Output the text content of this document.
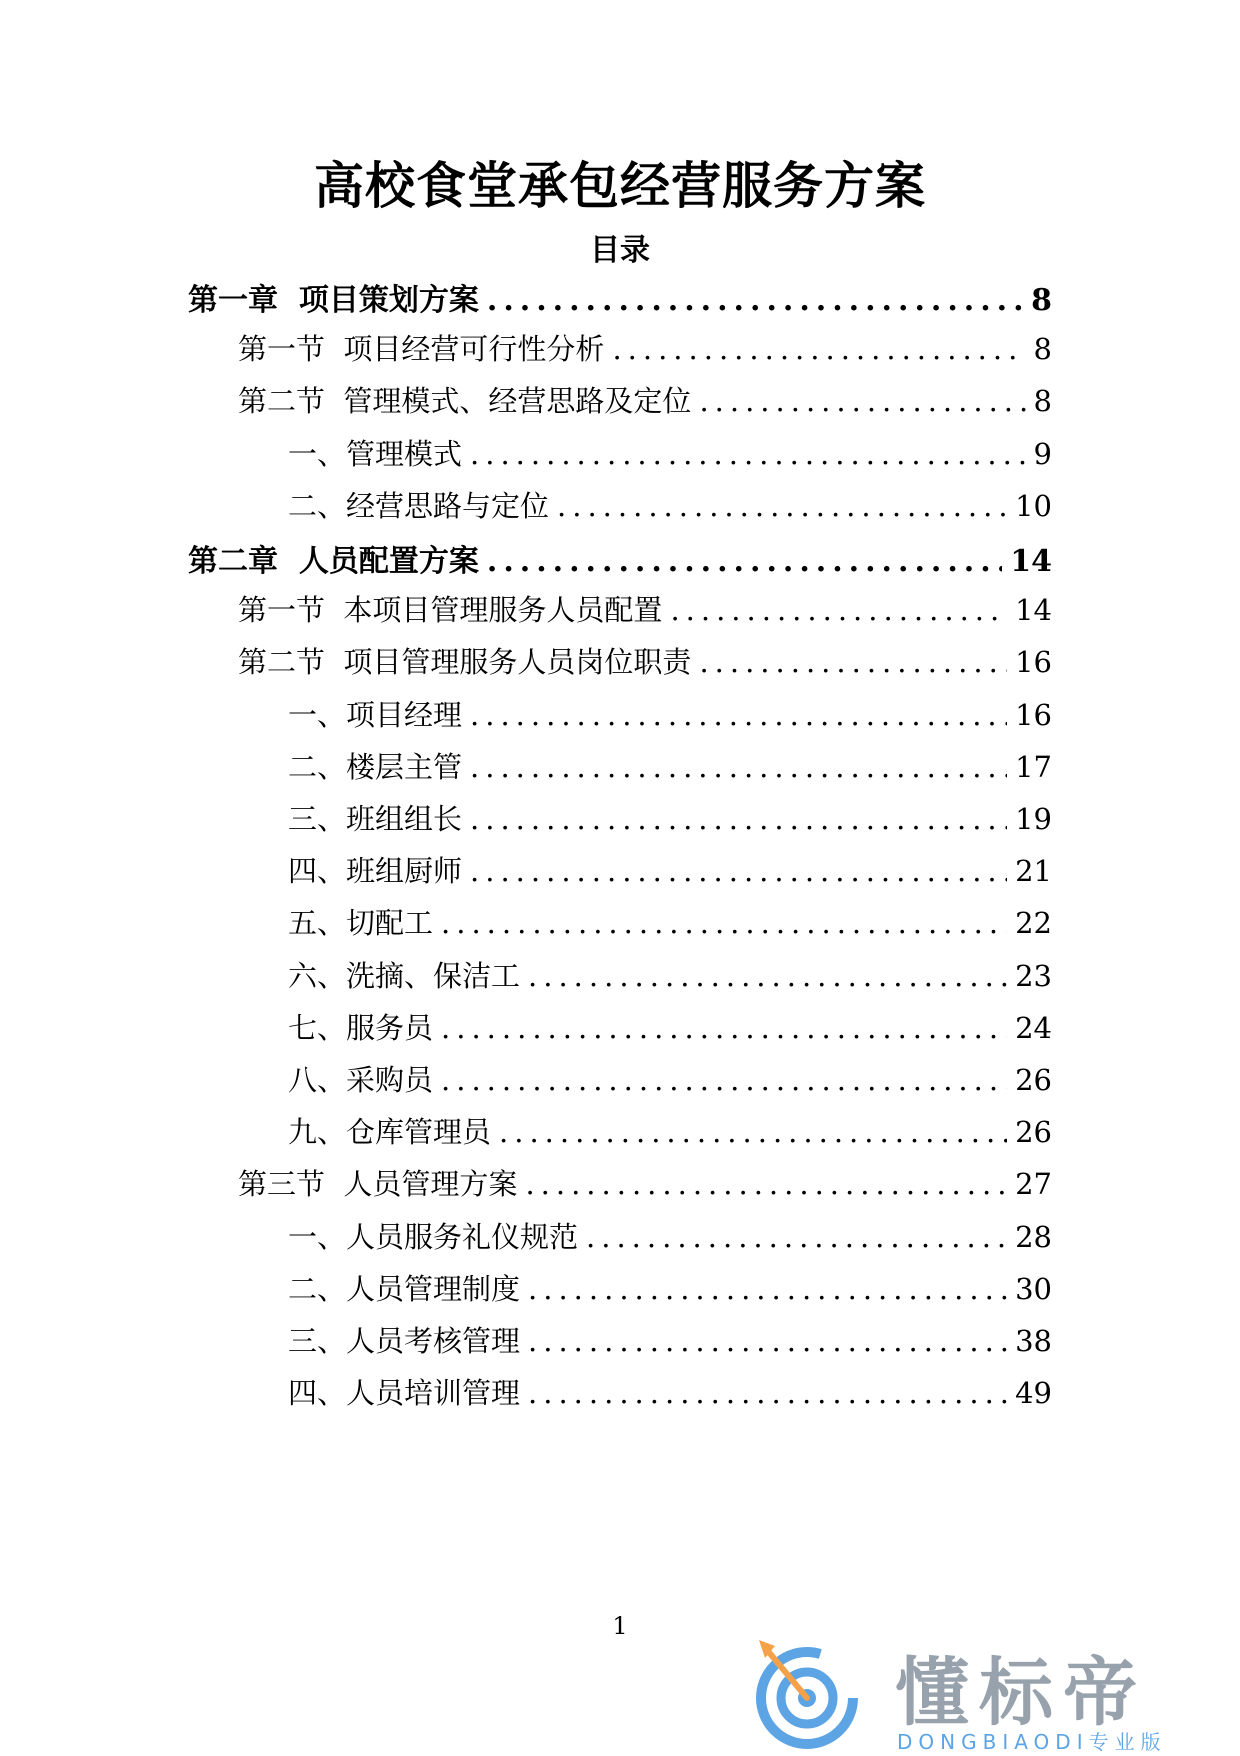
高校食堂承包经营服务方案
目录
第一章  项目策划方案 .....	8
第一节  项目经营可行性分析 .....	8
第二节  管理模式、经营思路及定位 .....	8
一、管理模式 .....	9
二、经营思路与定位 .....	10
第二章  人员配置方案 .....	14
第一节  本项目管理服务人员配置 .....	14
第二节  项目管理服务人员岗位职责 .....	16
一、项目经理 .....	16
二、楼层主管 .....	17
三、班组组长 .....	19
四、班组厨师 .....	21
五、切配工 .....	22
六、洗摘、保洁工 .....	23
七、服务员 .....	24
八、采购员 .....	26
九、仓库管理员 .....	26
第三节  人员管理方案 .....	27
一、人员服务礼仪规范 .....	28
二、人员管理制度 .....	30
三、人员考核管理 .....	38
四、人员培训管理 .....	49
1
懂标帝
DONGBIAODI专业版
